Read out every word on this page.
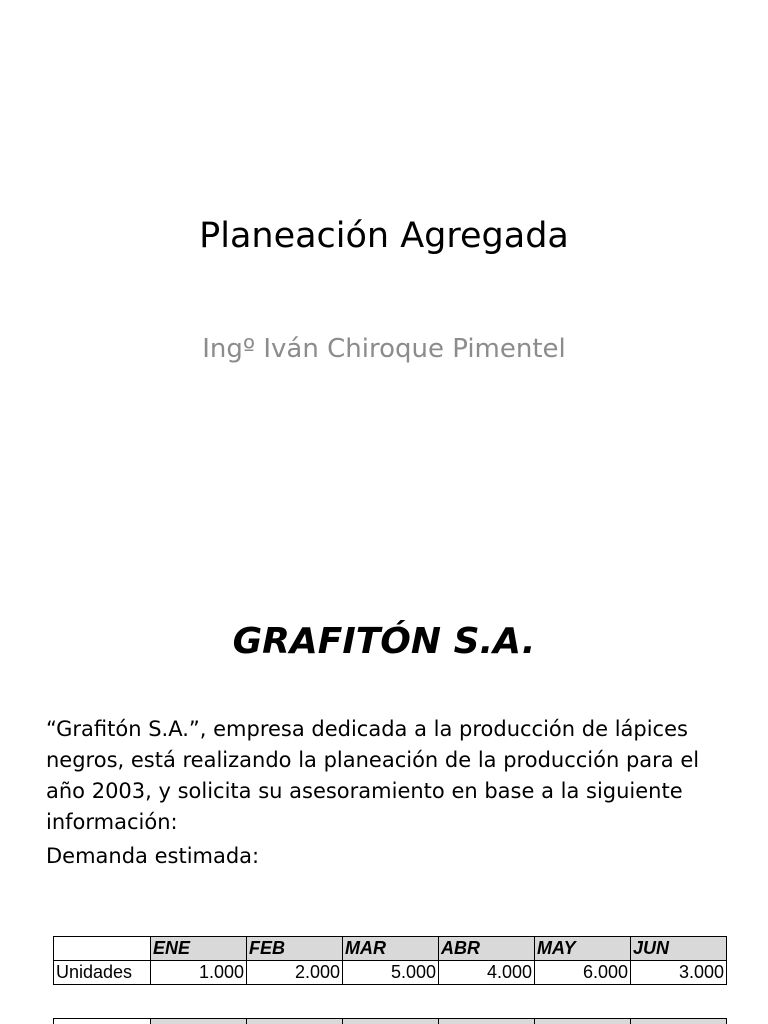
Planeación Agregada
Ingº Iván Chiroque Pimentel
GRAFITÓN S.A.

“Grafitón S.A.”, empresa dedicada a la producción de lápices negros, está realizando la planeación de la producción para el año 2003, y solicita su asesoramiento en base a la siguiente información:

Demanda estimada:

	ENE	FEB	MAR	ABR	MAY	JUN
Unidades	1.000	2.000	5.000	4.000	6.000	3.000
